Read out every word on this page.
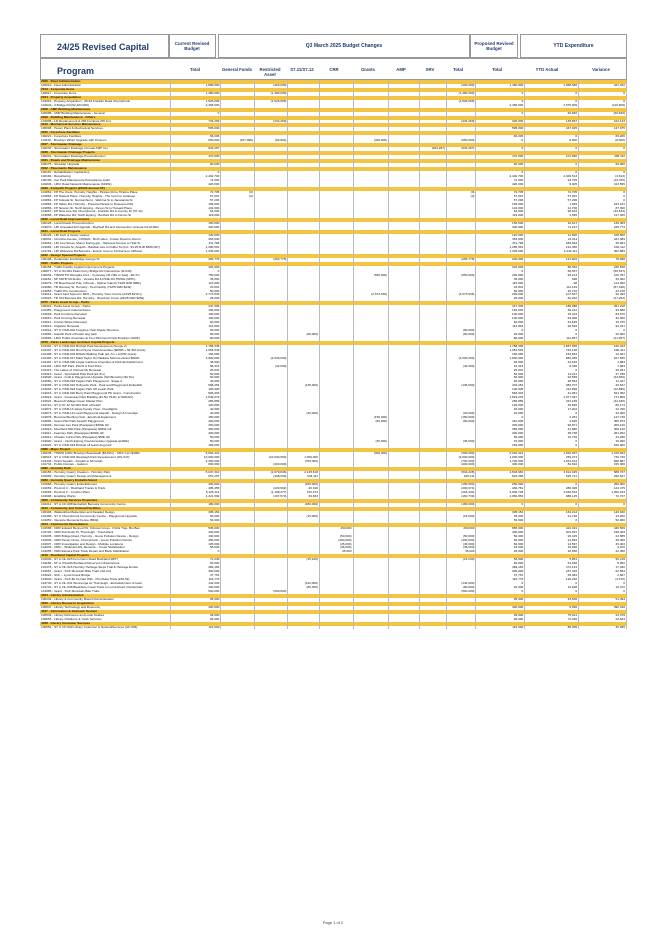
24/25 Revised Capital Program
Current Revised Budget	Q3 March 2025 Budget Changes	Proposed Revised Budget	YTD Expenditure
Total	General Funds	Restricted Asset
S7.11/S7.12	CRR	Grants	AMP	SRV	Total	Total	YTD Actual	Variance
2000 - Fleet Administration												
100010 - Fleet Administration	1,880,000		(400,000)						(400,000)	1,480,000	1,058,668	421,332
2013 - Corporate Items												
100017 - Corporate Items	1,480,000		(1,480,000)						(1,480,000)	0	0	0
2024 - Property Acquisition												
101916 - Property Acquisition - 99-92 Franklin Road Cherrybrook	1,526,005		(1,526,005)						(1,526,005)	0	0	0
101943 - 3 Bridge Rd (62,463,000)	2,465,000									2,465,000	2,575,909	(110,909)
2008 - AMP Building Maintenance												
100088 - AMP Building Maintenance - General	0									0	60,840	(60,840)
2009 - Building Maintenance - Others												
101895 - Lift Replacement & 296 Furniture (55 1m)	734,269		(434,269)						(434,269)	300,000	135,867	164,133
3016 - Mechanical Services Maintenance												
100098 - Heavy Plant & Mechanical Services	595,000									595,000	447,925	147,075
3025 - Foreshore Facilities												
100221 - Foreshore Facilities	66,206									66,206	0	66,206
101100 - Brooklyn Wharf Upgrade with Pontoon	650,000	(167,096)	(82,904)			(400,000)			(650,000)	0	8,000	(8,000)
3027 - Stormwater Drainage												
100230 - Stormwater Drainage (Annual AMP Ire)	933,267							(933,267)	(933,267)	0	0	0
3028 - Stormwater Drainage Projects												
100231 - Stormwater Drainage Preconstruction	470,000									470,000	101,890	368,110
3031 - Roads and Drainage Maintenance												
100175 - Shoulder Upgrade	60,000									60,000	0	60,000
3042 - Pavements Maintenance												
100161 - Rehabilitation Capital Exp	0									0	0	0
100184 - Resurfacing	2,402,700									2,402,700	2,406,513	(3,813)
100190 - Car Park Maintenance/Compliance Audit	74,000									74,000	93,705	(19,705)
101846 - LRCI Road Network Maintenance (6425k)	420,000									420,000	6,405	413,595
3039 - Footpath Projects (£500k Annual GF)												
101862 - FP The Crest, Hornsby Heights - Pinkies Rd to Hinkins Place	72,705	(0)							(0)	72,705	72,705	0
101863 - FP Hastels Place, Hornsby Heights - The Crest to culdesac	57,697	(0)							(0)	57,697	57,697	0
101864 - FP Kokoda St, Normanhurst - Warrina St to Jacaranda St	57,296									57,296	57,296	0
101865 - FP Valley Rd, Hornsby - Pretoria Parade to Rosewood Rd	165,000									165,000	1,839	163,161
101866 - FP Newton St, North Epping - Devon St to Howard Place	102,000									102,000	14,700	87,300
101867 - FP New Line Rd, Cherrybrook - Franklin Rd to County Dr (57.12)	64,000									64,000	96,634	(32,634)
101868 - FP Waterloo Rd, North Epping - Bedford Rd to Devon St	119,000									119,000	1,595	117,405
3040 - Local Road Improvements												
100128 - Local Roads Preconstruction	150,000									150,000	10,617	139,383
101870 - LRI Unsealed Rd Upgrade - Bayfield Rd and Intersection (Annual GF £100k)	300,000									300,000	74,227	225,773
3041 - Local Road Projects												
100129 - LRI Kerb & Gutter various	120,000									120,000	11,500	108,500
100901 - Chorcha Avenue, COWAN - Both sides - Fraser Road to Ahuriri	453,000									453,000	21,611	431,389
101662 - LRI Low Street, Mount Kuring-gai - Harwood Avenue to Hulk St	311,798									311,798	283,834	25,964
101682 - LRI Victoria St, Asquith - Baldwin Ave to Duffer St (Incl. S4.25 RJR $566,007)	1,280,561									1,280,561	191,450	630,112
101764 - LRI Wideview Rd Berowra - Evelyn Cres to Kimbarra to Cliffview	1,335,000									1,335,000	1,032,111	302,889
3042 - Design Special Projects												
100108 - Pedestrian Footbridge George St	483,775		(283,775)						(283,775)	200,000	121,002	78,998
3045 - Traffic Projects												
100158 - Traffic Facility Capital Improvement Projects	304,000									304,000	58,452	245,548
100877 - ST LI 93-003 Peats Ferry Bridge Rd Intersection (R-049)	0									0	50,537	(50,537)
100904 - TfNSW TR Wongala Cres - Cycleway (41 Hills to Sea) - $0.3m	750,000					(550,000)			(550,000)	200,000	93,213	106,787
101184 - SP CDHP Rd Extbs - Victoria Rd & PINE Rd TfNSW (087K)	35,000									35,000	698	34,302
101679 - TR Beechwood Pde, C/brook - Spitzer Island (74/25 R2R $95k)	115,000									115,000	98	114,902
101680 - TR Ramsay St, Hornsby - Ped Facility (74/25 R2R $24k)	23,801									23,801	111,149	(87,348)
101853 - Traffic Pre-Construction	50,000									50,000	26,722	23,278
101914 - Grant-fund Speed in MPA - Hornsby Town Centre (24/25 $2.8m)	2,773,536					(2,573,536)			(2,573,536)	200,000	107,507	92,493
101923 - TR Old Berowra Rd, Hornsby - Womboin Cross (24/25 R2R $25k)	25,000									25,000	62,262	(37,262)
3075 - Parks Asset Group - Parks												
100322 - Parks Asset Group - Parks	447,306									447,306	186,088	261,218
101350 - Playground Undersurfaces	150,000									150,000	50,412	99,588
101609 - Park Furniture Renewal	100,000									100,000	15,424	84,576
101610 - Park Fencing Renewal	100,000									100,000	64,000	36,000
101611 - Cricket Wicket Renewal	60,000									60,000	44,625	15,375
101613 - Irrigation Renewal	114,863									114,863	20,522	94,341
101614 - ST LI OSR-002 Foxglove Oval Shade Structure	50,000								(50,000)	0	0	0
101882 - Asquith Park off leash dog park	80,000			(60,000)					(60,000)	20,000	0	20,000
101883 - LRCI Public Amenities at Tom Richmond Oval Brooklyn (400K)	80,000									80,000	111,957	(31,957)
3076 - Parks Landscape Architect Capital Projects												
101391 - ST LI OSR-001 Brickpit Park Development (Scope 2)	1,788,338									1,788,338	1,667,995	120,343
101397 - ST LI OSR-010 Ron Payne Oval Amenities ($000K + $1.5M Grant)	1,054,549									1,054,549	764,138	290,411
101398 - ST LI OSR-003 RWAN Walking Path (£1.7m + £375k Grant)	166,065									166,065	153,664	12,401
101400 - ST LI OSR-017 Mark Taylor Ovl Waitara Stormw+Grant $000K	3,800,000		(2,000,000)						(2,000,000)	1,800,000	882,465	917,535
101401 - ST LI OSR-020 Lisgar Gardens Amenities & Park Embellishment	46,500									46,500	44,616	1,884
101404 - LRCI WP Park, Pku/S & Fwd Pubs	58,313		(42,000)						(42,000)	16,313	8,330	7,983
101415 - The Lakes of C/brook Pk Renewal	25,931									25,931	0	25,931
101516 - Grant - Sportsfield Pitts Park (£1.5m)	50,000									50,000	12,211	37,789
101520 - Grant - Croll & Playground Upgrade (Sth Binnotts) ($1.5m)	60,000									60,000	93,659	(33,659)
101560 - ST LI OSR-018 Fagan Park Playground - Stage 2	40,000									40,000	28,553	11,447
101569 - ST LI OSR-022 Hollyordn Park - Park and Playground Embellish	568,254			(135,000)					(135,000)	433,254	383,707	49,547
101603 - ST LI OSR-024 Fagan Park Off Leash Park	100,000									100,000	112,896	(12,896)
101616 - ST LI OSR-020 Berry Park Playground PK Grant - Construction	583,303									583,303	41,951	541,352
101619 - Grant - Greenway Park Building (£1.5m HLRx & NWAGC)	1,849,276									1,849,276	1,077,467	771,809
101621 - Beecroft Village Green Master Plan	286,859									286,859	331,189	(44,330)
101710 - ST LI 57.12 S2-003 Rofo off leash	120,000									120,000	39,826	80,174
101872 - ST LI OSR-13 Jarvis Family Oval - Floodlights	40,000									40,000	17,204	22,796
101873 - ST LI OSR-19 Local Playground Asquith - Design & Investiga	40,000			(20,000)					(20,000)	20,000	0	20,000
101876 - Berowra Bushing Oval - Electrical Equipment	150,000					(150,000)			(150,000)	0	2,251	147,749
101884 - Grant Pitts Park Asquith Playground	400,000					(90,000)			(90,000)	310,000	3,026	306,974
101909 - Norman Ave Park (Pavapass) $300k GF	300,000									300,000	90,871	209,129
101910 - Moorfield Hills Park (Pavapass) $350k GF	350,000									350,000	41,880	308,120
101911 - Fearnley Park (Pavapass) $300k GF	300,000									300,000	38,738	261,262
101912 - Charles Curtis Park (Pavapass) $50k GF	50,000									50,000	16,732	33,268
101920 - Grant – North Epping Oval Amenities Upgrade (£400k)	50,000					(35,000)			(35,000)	15,000	0	15,000
101922 - ST LI OSR-024 Brickpit off leash dog park	169,000									169,000	0	169,000
3080 - Major Project												
100238 - TfNSW 100% Brooklyn Boardwalk ($3.82m) - MSC Cert $300k	6,594,421					(300,000)			(300,000)	6,294,421	1,816,397	1,478,024
100616 - ST LI OSR-004 Westleigh Park Development (OS-047)	10,000,000		(10,000,000)	1,000,000					(9,000,000)	1,000,000	259,274	740,726
101448 - Grant Asquith - Asquith to Mt Colah	2,400,000			(700,000)					(700,000)	1,700,000	1,031,313	668,687
101734 - Public Domain - Galston	800,000		(400,000)						(400,000)	400,000	84,694	315,306
3082 - Hornsby Park												
100156 - Hornsby Quarry Creation - Hornsby Park	5,037,310		(2,679,846)	2,145,618					(534,228)	4,503,082	3,914,345	588,737
101699 - Hornsby Quarry Design and Management	657,257		(468,000)	634,111					166,111	823,368	525,721	296,647
3083 - Hornsby Quarry Embellishment												
101668 - Hornsby Quarry Embellishment	400,000			(150,000)					(150,000)	250,000	0	250,000
101669 - Precinct C - Bushland Tracks & Trails	485,455		(220,992)	20,318					(200,674)	484,781	280,306	124,475
101696 - Precinct F - Crusher Plant	5,125,112		(1,188,477)	970,073					(218,404)	4,906,728	3,646,534	1,260,184
101698 - Enabling Works	1,221,592		(197,572)	36,833					(160,739)	1,060,853	988,125	72,727
4005 - Community Services Properties												
101412 - ST LI CF-008 Embellish Berowra Community Centre	180,000			(180,000)					(180,000)	0	0	0
4010 - Community and Cultural Facilities												
100403 - Wallarobba Masterplan and Detailed Design	305,154									305,154	164,214	140,940
101498 - ST LI Cherrybrook Community Centre - Playground Upgrade	50,000			(15,000)					(15,000)	35,000	21,740	13,260
101952 - Glenorie Memorial Fence ($50k)	50,000									50,000	0	50,000
4014 - Catchments Remediation												
101588 - CRR Edward Bennett Pk, C/brook Gross - Pollut Trap, Bio Bas	535,000				330,000				330,000	865,000	424,491	440,509
101720 - CRR Dornbush Pl, Thornleigh - Trash Rack	400,000									400,000	201,597	198,403
101935 - CRR Bridge Road, Hornsby - Gross Pollution Device - Design	100,000				(50,000)				(50,000)	50,000	26,415	23,585
101936 - CRR Pecan Close, Cherrybrook - Gross Pollution Device	450,000				(400,000)				(400,000)	50,000	21,694	28,306
101937 - CRR Investigation and Design - Multiple Locations	105,000				(45,000)				(45,000)	60,000	14,597	45,403
101939 - CRR – Wideview Rd, Berowra – Creek Stabilisation	58,000				(35,000)				(35,000)	23,000	19,930	3,070
101955 - CRR Elouera Park Track Repair and Bank Stabilisation	0				45,000				45,000	45,000	22,650	22,350
4019 - Bushland Capital Projects												
101030 - ST LI NL-023 Fern Farm Road Bushland WFH	71,240			(15,240)					(15,240)	56,000	5,851	50,149
101180 - ST LI OS-006 Bushland Reserves Infrastructure	60,000									60,000	51,048	8,952
101376 - ST LI NL-016 Hornsby Heritage Steps Trail & Heritage Embel	489,184									489,184	472,144	17,040
101557 - Grant - SCF Mountain Bike Trails (S2.2m)	300,000									300,000	237,446	62,554
101622 - SCF – Lyrod Creek Bridge	37,751									37,751	35,084	2,667
101640 - Grant - SCF BL Fernart Hills - Plumbara Track (£51.5k)	116,776									116,776	120,246	(3,470)
101730 - ST LI NL-031 Wonnonga Av Thornleigh - Embellishment of track	142,000			(142,000)					(142,000)	0	0	0
101731 - ST LI NL-038 Blackhole Creek Track to Lorna Road, Cheltenham	100,000			(80,000)					(80,000)	20,000	19,628	19,372
101885 - Grant - SCF Mountain Bike Trails	500,000		(500,000)						(500,000)	0	0	0
4024 - Library Administration												
100149 - Library & Community Branch Administration	95,000									95,000	43,606	51,394
4026 - Library Resource Acquisition												
100547 - Library Technology and Resource	400,000									400,000	9,690	390,310
4027 - Information & Outreach Section												
100549 - Library Reference and Local Studies	99,000									99,000	75,621	23,379
100553 - Library Childrens & Youth Services	96,000									96,000	72,456	23,544
4028 - Library Customer Services												
100554 - ST LI CF-002 Library Customer & NetworkServices (CF-006)	119,000									119,000	88,005	30,995
Page 1 of 2
